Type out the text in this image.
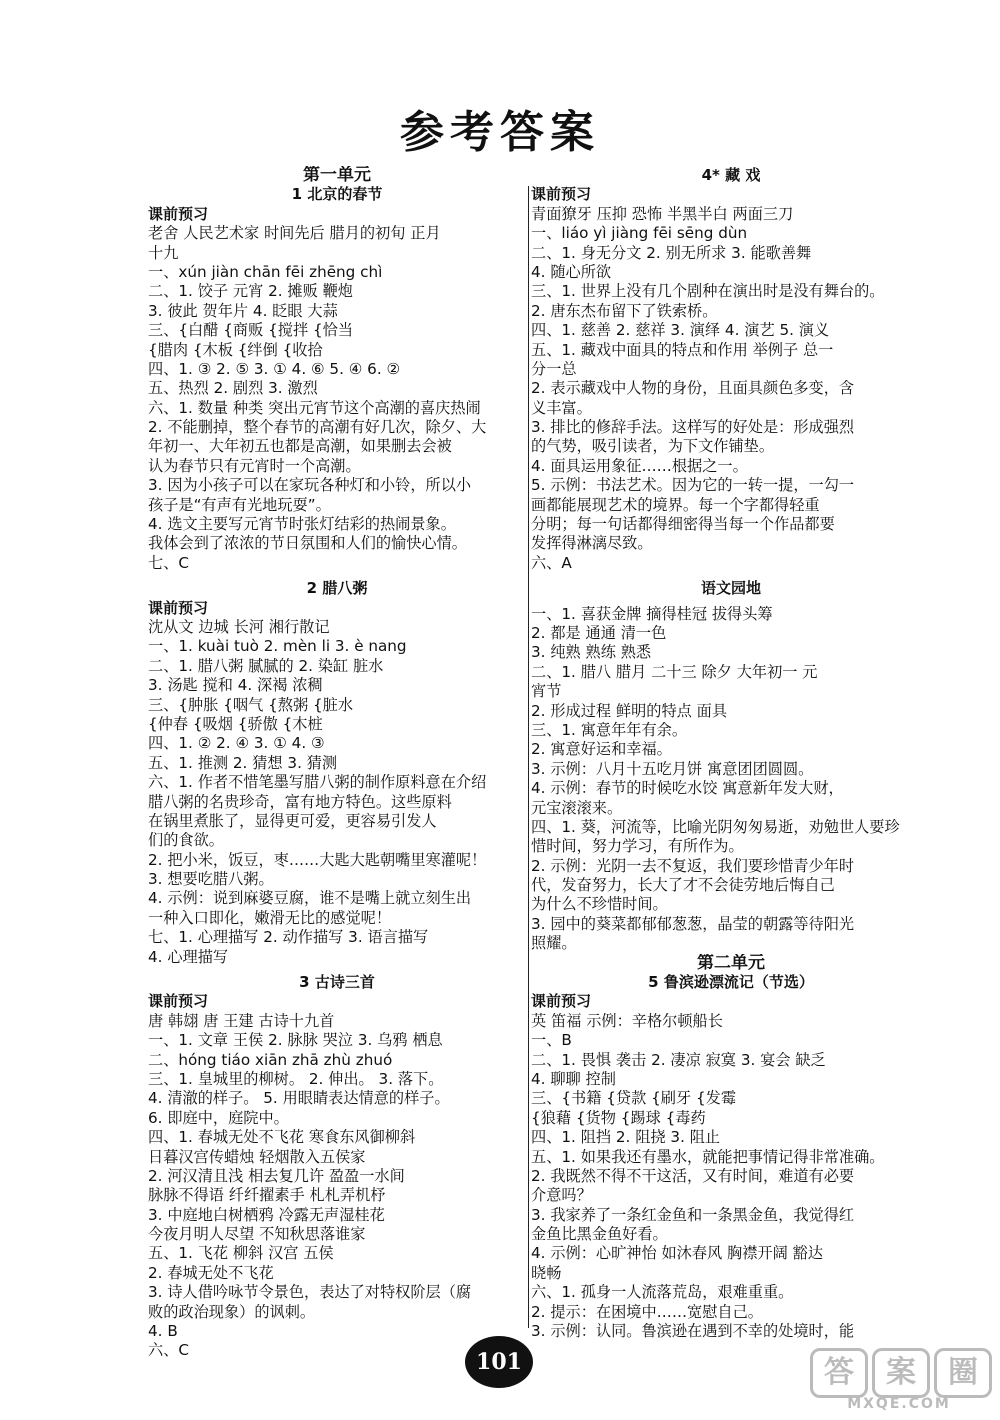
参考答案
第一单元
1 北京的春节
课前预习
老舍 人民艺术家 时间先后 腊月的初旬 正月
十九
一、xún jiàn chān fēi zhēng chì
二、1. 饺子 元宵 2. 摊贩 鞭炮
3. 彼此 贺年片 4. 眨眼 大蒜
三、{白醋 {商贩 {搅拌 {恰当
{腊肉 {木板 {绊倒 {收拾
四、1. ③ 2. ⑤ 3. ① 4. ⑥ 5. ④ 6. ②
五、热烈 2. 剧烈 3. 激烈
六、1. 数量 种类 突出元宵节这个高潮的喜庆热闹
2. 不能删掉，整个春节的高潮有好几次，除夕、大
年初一、大年初五也都是高潮，如果删去会被
认为春节只有元宵时一个高潮。
3. 因为小孩子可以在家玩各种灯和小铃，所以小
孩子是“有声有光地玩耍”。
4. 选文主要写元宵节时张灯结彩的热闹景象。
我体会到了浓浓的节日氛围和人们的愉快心情。
七、C
2 腊八粥
课前预习
沈从文 边城 长河 湘行散记
一、1. kuài tuò 2. mèn li 3. è nang
二、1. 腊八粥 腻腻的 2. 染缸 脏水
3. 汤匙 搅和 4. 深褐 浓稠
三、{肿胀 {咽气 {熬粥 {脏水
{仲春 {吸烟 {骄傲 {木桩
四、1. ② 2. ④ 3. ① 4. ③
五、1. 推测 2. 猜想 3. 猜测
六、1. 作者不惜笔墨写腊八粥的制作原料意在介绍
腊八粥的名贵珍奇，富有地方特色。这些原料
在锅里煮胀了，显得更可爱，更容易引发人
们的食欲。
2. 把小米，饭豆，枣……大匙大匙朝嘴里寒灌呢！
3. 想要吃腊八粥。
4. 示例：说到麻婆豆腐，谁不是嘴上就立刻生出
一种入口即化，嫩滑无比的感觉呢！
七、1. 心理描写 2. 动作描写 3. 语言描写
4. 心理描写
3 古诗三首
课前预习
唐 韩翃 唐 王建 古诗十九首
一、1. 文章 王侯 2. 脉脉 哭泣 3. 乌鸦 栖息
二、hóng tiáo xiān zhā zhù zhuó
三、1. 皇城里的柳树。 2. 伸出。 3. 落下。
4. 清澈的样子。 5. 用眼睛表达情意的样子。
6. 即庭中，庭院中。
四、1. 春城无处不飞花 寒食东风御柳斜
日暮汉宫传蜡烛 轻烟散入五侯家
2. 河汉清且浅 相去复几许 盈盈一水间
脉脉不得语 纤纤擢素手 札札弄机杼
3. 中庭地白树栖鸦 冷露无声湿桂花
今夜月明人尽望 不知秋思落谁家
五、1. 飞花 柳斜 汉宫 五侯
2. 春城无处不飞花
3. 诗人借吟咏节令景色，表达了对特权阶层（腐
败的政治现象）的讽刺。
4. B
六、C
4* 藏 戏
课前预习
青面獠牙 压抑 恐怖 半黑半白 两面三刀
一、liáo yì jiàng fēi sēng dùn
二、1. 身无分文 2. 别无所求 3. 能歌善舞
4. 随心所欲
三、1. 世界上没有几个剧种在演出时是没有舞台的。
2. 唐东杰布留下了铁索桥。
四、1. 慈善 2. 慈祥 3. 演绎 4. 演艺 5. 演义
五、1. 藏戏中面具的特点和作用 举例子 总一
分一总
2. 表示藏戏中人物的身份，且面具颜色多变，含
义丰富。
3. 排比的修辞手法。这样写的好处是：形成强烈
的气势，吸引读者，为下文作铺垫。
4. 面具运用象征……根据之一。
5. 示例：书法艺术。因为它的一转一提，一勾一
画都能展现艺术的境界。每一个字都得轻重
分明；每一句话都得细密得当每一个作品都要
发挥得淋漓尽致。
六、A
语文园地
一、1. 喜获金牌 摘得桂冠 拔得头筹
2. 都是 通通 清一色
3. 纯熟 熟练 熟悉
二、1. 腊八 腊月 二十三 除夕 大年初一 元
宵节
2. 形成过程 鲜明的特点 面具
三、1. 寓意年年有余。
2. 寓意好运和幸福。
3. 示例：八月十五吃月饼 寓意团团圆圆。
4. 示例：春节的时候吃水饺 寓意新年发大财，
元宝滚滚来。
四、1. 葵，河流等，比喻光阴匆匆易逝，劝勉世人要珍
惜时间，努力学习，有所作为。
2. 示例：光阴一去不复返，我们要珍惜青少年时
代，发奋努力，长大了才不会徒劳地后悔自己
为什么不珍惜时间。
3. 园中的葵菜都郁郁葱葱，晶莹的朝露等待阳光
照耀。
第二单元
5 鲁滨逊漂流记（节选）
课前预习
英 笛福 示例：辛格尔顿船长
一、B
二、1. 畏惧 袭击 2. 凄凉 寂寞 3. 宴会 缺乏
4. 聊聊 控制
三、{书籍 {贷款 {刷牙 {发霉
{狼藉 {货物 {踢球 {毒药
四、1. 阻挡 2. 阻挠 3. 阻止
五、1. 如果我还有墨水，就能把事情记得非常准确。
2. 我既然不得不干这活，又有时间，难道有必要
介意吗？
3. 我家养了一条红金鱼和一条黑金鱼，我觉得红
金鱼比黑金鱼好看。
4. 示例：心旷神怡 如沐春风 胸襟开阔 豁达
晓畅
六、1. 孤身一人流落荒岛，艰难重重。
2. 提示：在困境中……宽慰自己。
3. 示例：认同。鲁滨逊在遇到不幸的处境时，能
101	答	案	圈
MXQE.COM
